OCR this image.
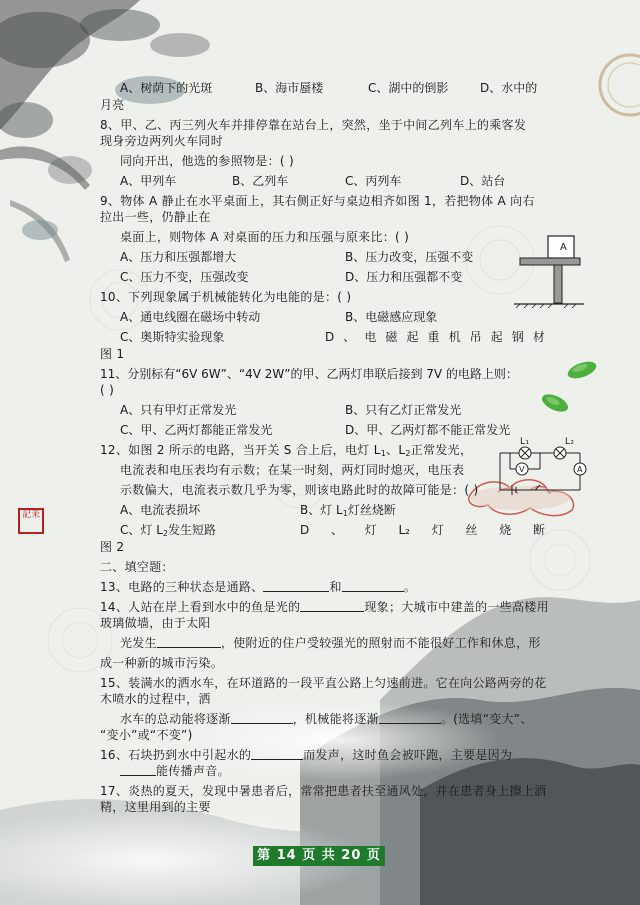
A、树荫下的光斑	B、海市蜃楼	C、湖中的倒影	D、水中的
月亮
8、甲、乙、丙三列火车并排停靠在站台上，突然，坐于中间乙列车上的乘客发
现身旁边两列火车同时
同向开出，他选的参照物是：( )
A、甲列车	B、乙列车	C、丙列车	D、站台
9、物体 A 静止在水平桌面上，其右侧正好与桌边相齐如图 1，若把物体 A 向右
拉出一些，仍静止在
桌面上，则物体 A 对桌面的压力和压强与原来比：( )
A、压力和压强都增大	B、压力改变，压强不变
C、压力不变，压强改变	D、压力和压强都不变
A
10、下列现象属于机械能转化为电能的是：( )
A、通电线圈在磁场中转动	B、电磁感应现象
C、奥斯特实验现象	D 、 电 磁 起 重 机 吊 起 钢 材
图 1
11、分别标有“6V 6W”、“4V 2W”的甲、乙两灯串联后接到 7V 的电路上则：
( )
A、只有甲灯正常发光	B、只有乙灯正常发光
C、甲、乙两灯都能正常发光	D、甲、乙两灯都不能正常发光
12、如图 2 所示的电路，当开关 S 合上后，电灯 $L_1$、$L_2$正常发光，
电流表和电压表均有示数；在某一时刻，两灯同时熄灭，电压表
示数偏大，电流表示数几乎为零，则该电路此时的故障可能是：( )
A、电流表损坏	B、灯 $L_1$灯丝烧断
C、灯 $L_2$发生短路	D 、 灯 L₂ 灯 丝 烧 断
图 2
L₁	L₂
V	A
記茉
二、填空题：
13、电路的三种状态是通路、	和	。
14、人站在岸上看到水中的鱼是光的	现象；大城市中建盖的一些高楼用
玻璃做墙，由于太阳
光发生	，使附近的住户受较强光的照射而不能很好工作和休息，形
成一种新的城市污染。
15、装满水的洒水车，在环道路的一段平直公路上匀速前进。它在向公路两旁的花
木喷水的过程中，洒
水车的总动能将逐渐	，机械能将逐渐	。(选填“变大”、
“变小”或“不变”)
16、石块扔到水中引起水的	而发声，这时鱼会被吓跑，主要是因为
能传播声音。
17、炎热的夏天，发现中暑患者后，常常把患者扶至通风处，并在患者身上擦上酒
精，这里用到的主要
第 14 页 共 20 页
